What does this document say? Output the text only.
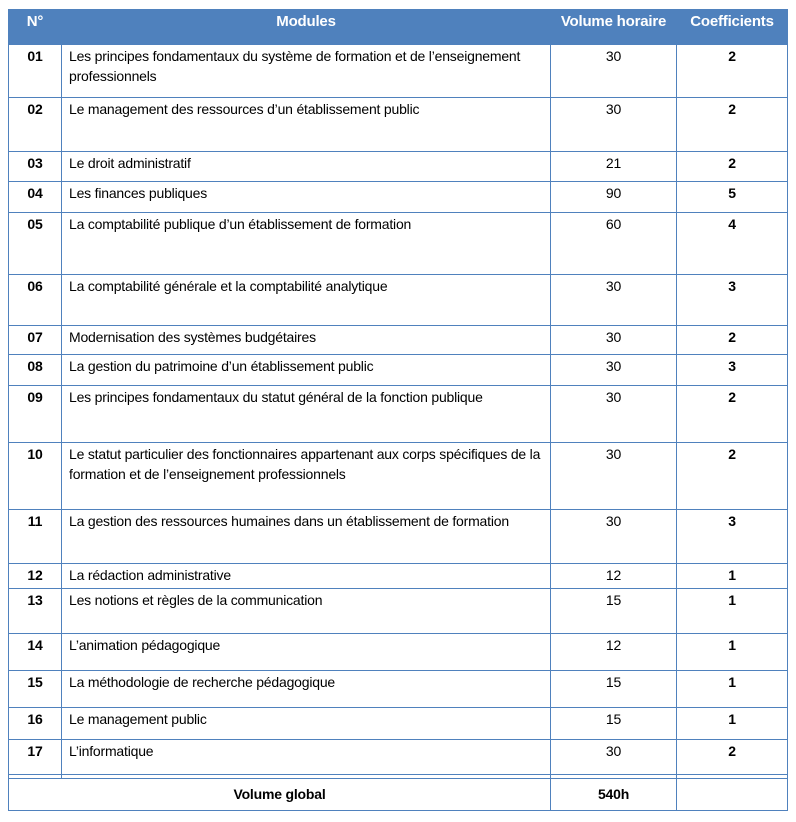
N°	Modules	Volume horaire	Coefficients
01	Les principes fondamentaux du système de formation et de l’enseignement professionnels	30	2
02	Le management des ressources d’un établissement public	30	2
03	Le droit administratif	21	2
04	Les finances publiques	90	5
05	La comptabilité publique d’un établissement de formation	60	4
06	La comptabilité générale et la comptabilité analytique	30	3
07	Modernisation des systèmes budgétaires	30	2
08	La gestion du patrimoine d’un établissement public	30	3
09	Les principes fondamentaux du statut général de la fonction publique	30	2
10	Le statut particulier des fonctionnaires appartenant aux corps spécifiques de la formation et de l’enseignement professionnels	30	2
11	La gestion des ressources humaines dans un établissement de formation	30	3
12	La rédaction administrative	12	1
13	Les notions et règles de la communication	15	1
14	L’animation pédagogique	12	1
15	La méthodologie de recherche pédagogique	15	1
16	Le management public	15	1
17	L’informatique	30	2

Volume global		540h	
